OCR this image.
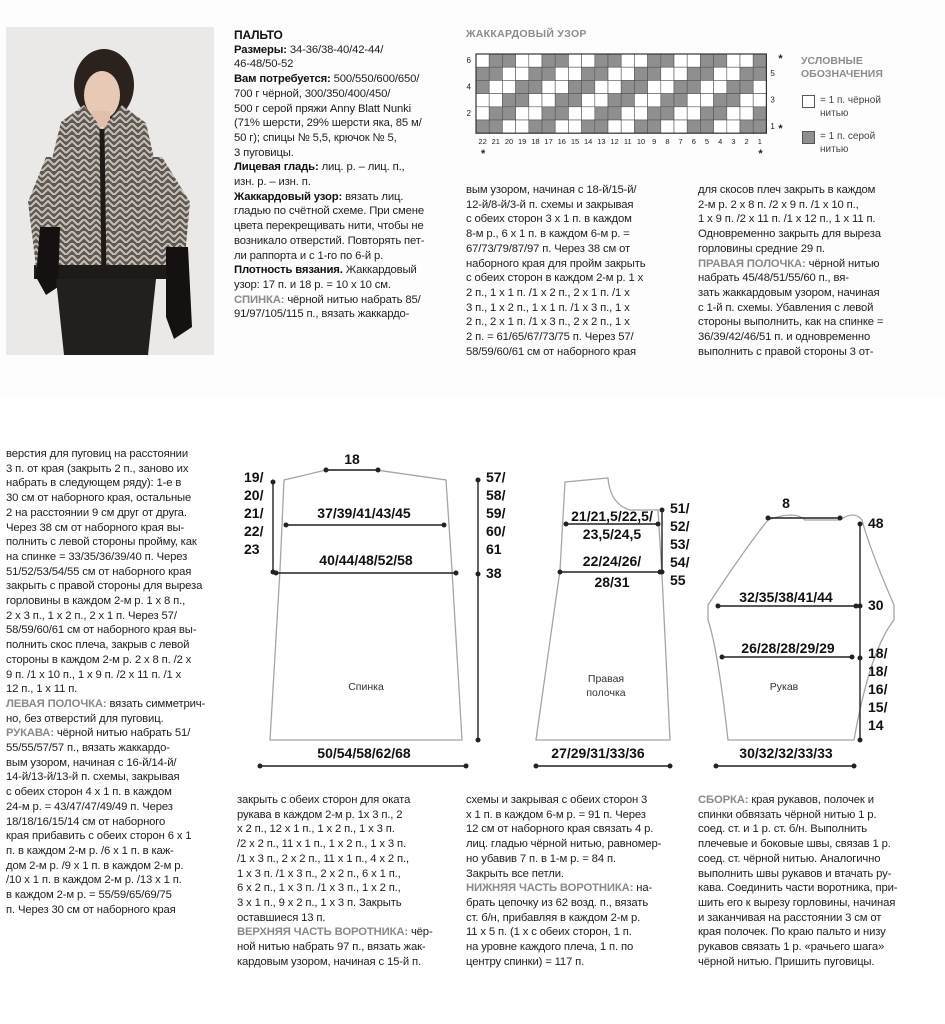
ПАЛЬТО

Размеры: 34-36/38-40/42-44/

46-48/50-52

Вам потребуется: 500/550/600/650/

700 г чёрной, 300/350/400/450/

500 г серой пряжи Anny Blatt Nunki

(71% шерсти, 29% шерсти яка, 85 м/

50 г); спицы № 5,5, крючок № 5,

3 пуговицы.

Лицевая гладь: лиц. р. – лиц. п.,

изн. р. – изн. п.

Жаккардовый узор: вязать лиц.

гладью по счётной схеме. При смене

цвета перекрещивать нити, чтобы не

возникало отверстий. Повторять пет-

ли раппорта и с 1-го по 6-й р.

Плотность вязания. Жаккардовый

узор: 17 п. и 18 р. = 10 x 10 см.

СПИНКА: чёрной нитью набрать 85/

91/97/105/115 п., вязать жаккардо-

ЖАККАРДОВЫЙ УЗОР
22 21 20 19 18 17 16 15 14 13 12 11 10 9 8 7 6 5 4 3 2 1
6
4
2
5
3
1
*
*
*	*
УСЛОВНЫЕ
ОБОЗНАЧЕНИЯ
= 1 п. чёрной
нитью
= 1 п. серой
нитью

вым узором, начиная с 18-й/15-й/

12-й/8-й/3-й п. схемы и закрывая

с обеих сторон 3 x 1 п. в каждом

8-м р., 6 x 1 п. в каждом 6-м р. =

67/73/79/87/97 п. Через 38 см от

наборного края для пройм закрыть

с обеих сторон в каждом 2-м р. 1 x

2 п., 1 x 1 п. /1 x 2 п., 2 x 1 п. /1 x

3 п., 1 x 2 п., 1 x 1 п. /1 x 3 п., 1 x

2 п., 2 x 1 п. /1 x 3 п., 2 x 2 п., 1 x

2 п. = 61/65/67/73/75 п. Через 57/

58/59/60/61 см от наборного края

для скосов плеч закрыть в каждом

2-м р. 2 x 8 п. /2 x 9 п. /1 x 10 п.,

1 x 9 п. /2 x 11 п. /1 x 12 п., 1 x 11 п.

Одновременно закрыть для выреза

горловины средние 29 п.

ПРАВАЯ ПОЛОЧКА: чёрной нитью

набрать 45/48/51/55/60 п., вя-

зать жаккардовым узором, начиная

с 1-й п. схемы. Убавления с левой

стороны выполнить, как на спинке =

36/39/42/46/51 п. и одновременно

выполнить с правой стороны 3 от-

верстия для пуговиц на расстоянии

3 п. от края (закрыть 2 п., заново их

набрать в следующем ряду): 1-е в

30 см от наборного края, остальные

2 на расстоянии 9 см друг от друга.

Через 38 см от наборного края вы-

полнить с левой стороны пройму, как

на спинке = 33/35/36/39/40 п. Через

51/52/53/54/55 см от наборного края

закрыть с правой стороны для выреза

горловины в каждом 2-м р. 1 x 8 п.,

2 x 3 п., 1 x 2 п., 2 x 1 п. Через 57/

58/59/60/61 см от наборного края вы-

полнить скос плеча, закрыв с левой

стороны в каждом 2-м р. 2 x 8 п. /2 x

9 п. /1 x 10 п., 1 x 9 п. /2 x 11 п. /1 x

12 п., 1 x 11 п.

ЛЕВАЯ ПОЛОЧКА: вязать симметрич-

но, без отверстий для пуговиц.

РУКАВА: чёрной нитью набрать 51/

55/55/57/57 п., вязать жаккардо-

вым узором, начиная с 16-й/14-й/

14-й/13-й/13-й п. схемы, закрывая

с обеих сторон 4 x 1 п. в каждом

24-м р. = 43/47/47/49/49 п. Через

18/18/16/15/14 см от наборного

края прибавить с обеих сторон 6 x 1

п. в каждом 2-м р. /6 x 1 п. в каж-

дом 2-м р. /9 x 1 п. в каждом 2-м р.

/10 x 1 п. в каждом 2-м р. /13 x 1 п.

в каждом 2-м р. = 55/59/65/69/75

п. Через 30 см от наборного края

закрыть с обеих сторон для оката

рукава в каждом 2-м р. 1x 3 п., 2

x 2 п., 12 x 1 п., 1 x 2 п., 1 x 3 п.

/2 x 2 п., 11 x 1 п., 1 x 2 п., 1 x 3 п.

/1 x 3 п., 2 x 2 п., 11 x 1 п., 4 x 2 п.,

1 x 3 п. /1 x 3 п., 2 x 2 п., 6 x 1 п.,

6 x 2 п., 1 x 3 п. /1 x 3 п., 1 x 2 п.,

3 x 1 п., 9 x 2 п., 1 x 3 п. Закрыть

оставшиеся 13 п.

ВЕРХНЯЯ ЧАСТЬ ВОРОТНИКА: чёр-

ной нитью набрать 97 п., вязать жак-

кардовым узором, начиная с 15-й п.

схемы и закрывая с обеих сторон 3

x 1 п. в каждом 6-м р. = 91 п. Через

12 см от наборного края связать 4 р.

лиц. гладью чёрной нитью, равномер-

но убавив 7 п. в 1-м р. = 84 п.

Закрыть все петли.

НИЖНЯЯ ЧАСТЬ ВОРОТНИКА: на-

брать цепочку из 62 возд. п., вязать

ст. б/н, прибавляя в каждом 2-м р.

11 x 5 п. (1 x с обеих сторон, 1 п.

на уровне каждого плеча, 1 п. по

центру спинки) = 117 п.

СБОРКА: края рукавов, полочек и

спинки обвязать чёрной нитью 1 р.

соед. ст. и 1 р. ст. б/н. Выполнить

плечевые и боковые швы, связав 1 р.

соед. ст. чёрной нитью. Аналогично

выполнить швы рукавов и втачать ру-

кава. Соединить части воротника, при-

шить его к вырезу горловины, начиная

и заканчивая на расстоянии 3 см от

края полочек. По краю пальто и низу

рукавов связать 1 р. «рачьего шага»

чёрной нитью. Пришить пуговицы.

18
37/39/41/43/45
40/44/48/52/58
Спинка
50/54/58/62/68
19/
20/
21/
22/
23
57/
58/
59/
60/
61
38
21/21,5/22,5/
23,5/24,5
22/24/26/
28/31
Правая
полочка
27/29/31/33/36
51/
52/
53/
54/
55
8
32/35/38/41/44
26/28/28/29/29
Рукав
30/32/32/33/33
48
30
18/
18/
16/
15/
14
